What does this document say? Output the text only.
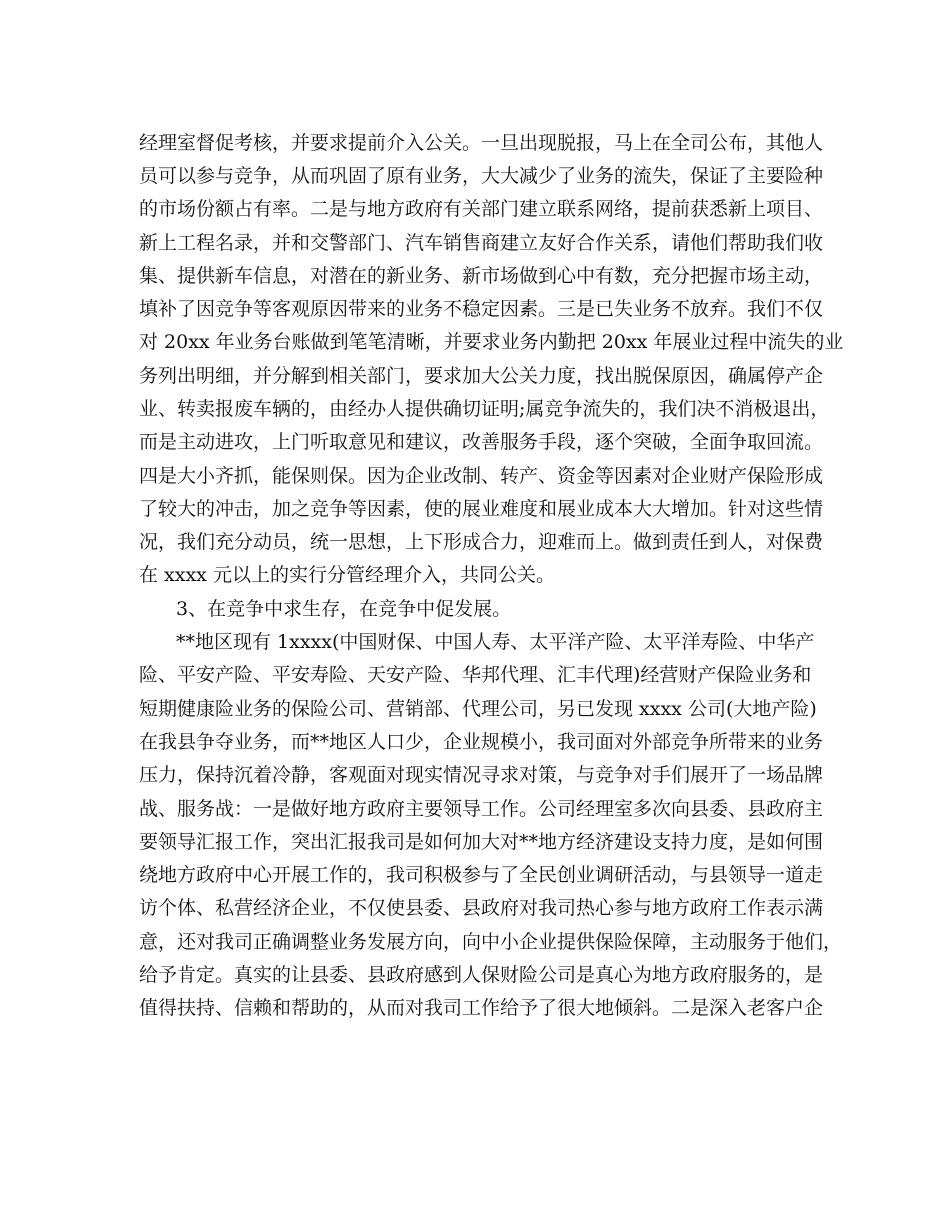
经理室督促考核，并要求提前介入公关。一旦出现脱报，马上在全司公布，其他人
员可以参与竞争，从而巩固了原有业务，大大减少了业务的流失，保证了主要险种
的市场份额占有率。二是与地方政府有关部门建立联系网络，提前获悉新上项目、
新上工程名录，并和交警部门、汽车销售商建立友好合作关系，请他们帮助我们收
集、提供新车信息，对潜在的新业务、新市场做到心中有数，充分把握市场主动，
填补了因竞争等客观原因带来的业务不稳定因素。三是已失业务不放弃。我们不仅
对 20xx 年业务台账做到笔笔清晰，并要求业务内勤把 20xx 年展业过程中流失的业
务列出明细，并分解到相关部门，要求加大公关力度，找出脱保原因，确属停产企
业、转卖报废车辆的，由经办人提供确切证明;属竞争流失的，我们决不消极退出，
而是主动进攻，上门听取意见和建议，改善服务手段，逐个突破，全面争取回流。
四是大小齐抓，能保则保。因为企业改制、转产、资金等因素对企业财产保险形成
了较大的冲击，加之竞争等因素，使的展业难度和展业成本大大增加。针对这些情
况，我们充分动员，统一思想，上下形成合力，迎难而上。做到责任到人，对保费
在 xxxx 元以上的实行分管经理介入，共同公关。
3、在竞争中求生存，在竞争中促发展。
**地区现有 1xxxx(中国财保、中国人寿、太平洋产险、太平洋寿险、中华产
险、平安产险、平安寿险、天安产险、华邦代理、汇丰代理)经营财产保险业务和
短期健康险业务的保险公司、营销部、代理公司，另已发现 xxxx 公司(大地产险)
在我县争夺业务，而**地区人口少，企业规模小，我司面对外部竞争所带来的业务
压力，保持沉着冷静，客观面对现实情况寻求对策，与竞争对手们展开了一场品牌
战、服务战：一是做好地方政府主要领导工作。公司经理室多次向县委、县政府主
要领导汇报工作，突出汇报我司是如何加大对**地方经济建设支持力度，是如何围
绕地方政府中心开展工作的，我司积极参与了全民创业调研活动，与县领导一道走
访个体、私营经济企业，不仅使县委、县政府对我司热心参与地方政府工作表示满
意，还对我司正确调整业务发展方向，向中小企业提供保险保障，主动服务于他们，
给予肯定。真实的让县委、县政府感到人保财险公司是真心为地方政府服务的，是
值得扶持、信赖和帮助的，从而对我司工作给予了很大地倾斜。二是深入老客户企
